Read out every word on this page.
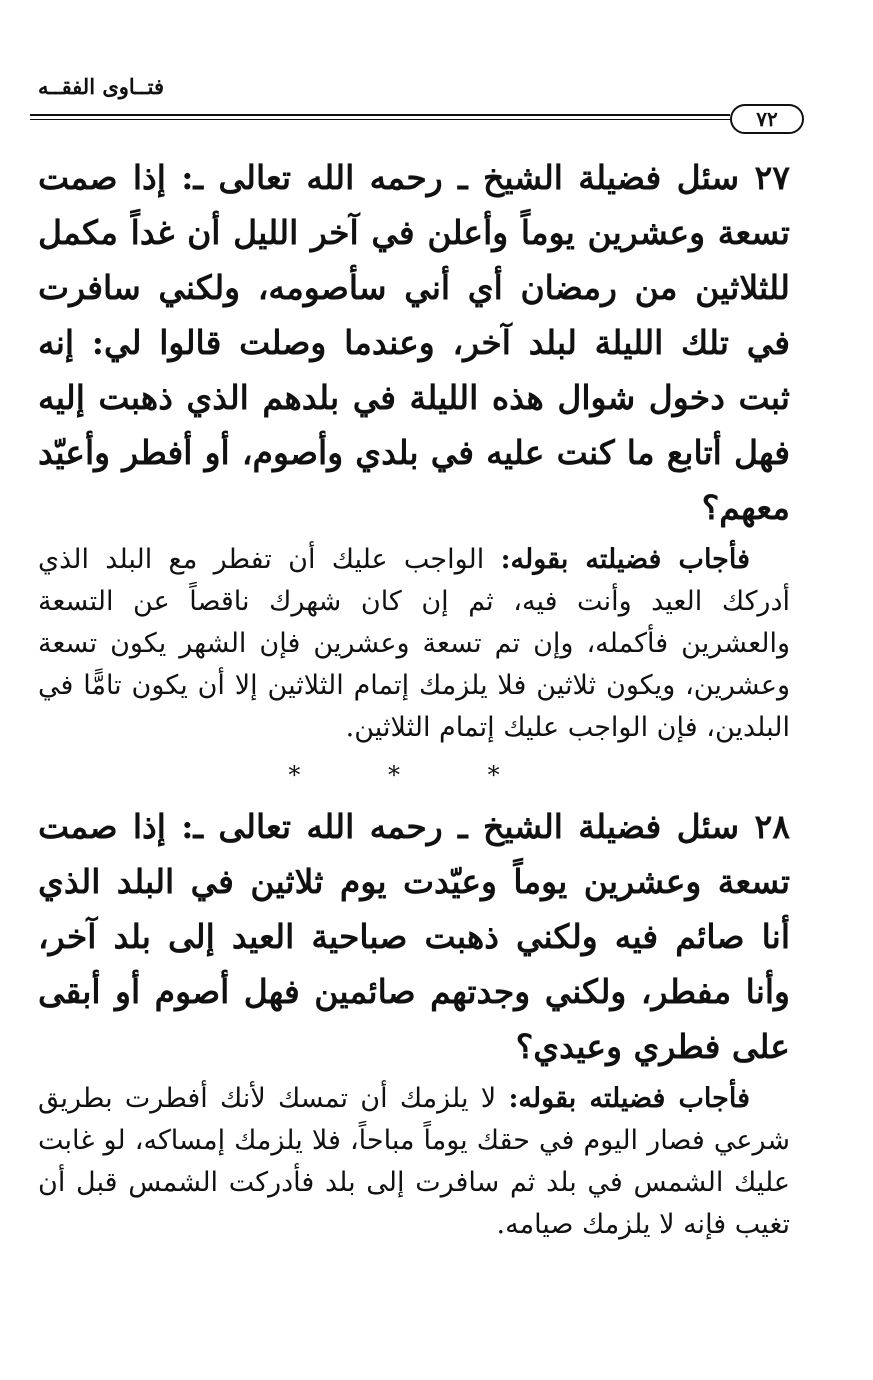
فتــاوى الفقــه
٧٢

٢٧ سئل فضيلة الشيخ ـ رحمه الله تعالى ـ: إذا صمت تسعة وعشرين يوماً وأعلن في آخر الليل أن غداً مكمل للثلاثين من رمضان أي أني سأصومه، ولكني سافرت في تلك الليلة لبلد آخر، وعندما وصلت قالوا لي: إنه ثبت دخول شوال هذه الليلة في بلدهم الذي ذهبت إليه فهل أتابع ما كنت عليه في بلدي وأصوم، أو أفطر وأعيّد معهم؟

فأجاب فضيلته بقوله: الواجب عليك أن تفطر مع البلد الذي أدركك العيد وأنت فيه، ثم إن كان شهرك ناقصاً عن التسعة والعشرين فأكمله، وإن تم تسعة وعشرين فإن الشهر يكون تسعة وعشرين، ويكون ثلاثين فلا يلزمك إتمام الثلاثين إلا أن يكون تامًّا في البلدين، فإن الواجب عليك إتمام الثلاثين.

* * *

٢٨ سئل فضيلة الشيخ ـ رحمه الله تعالى ـ: إذا صمت تسعة وعشرين يوماً وعيّدت يوم ثلاثين في البلد الذي أنا صائم فيه ولكني ذهبت صباحية العيد إلى بلد آخر، وأنا مفطر، ولكني وجدتهم صائمين فهل أصوم أو أبقى على فطري وعيدي؟

فأجاب فضيلته بقوله: لا يلزمك أن تمسك لأنك أفطرت بطريق شرعي فصار اليوم في حقك يوماً مباحاً، فلا يلزمك إمساكه، لو غابت عليك الشمس في بلد ثم سافرت إلى بلد فأدركت الشمس قبل أن تغيب فإنه لا يلزمك صيامه.
